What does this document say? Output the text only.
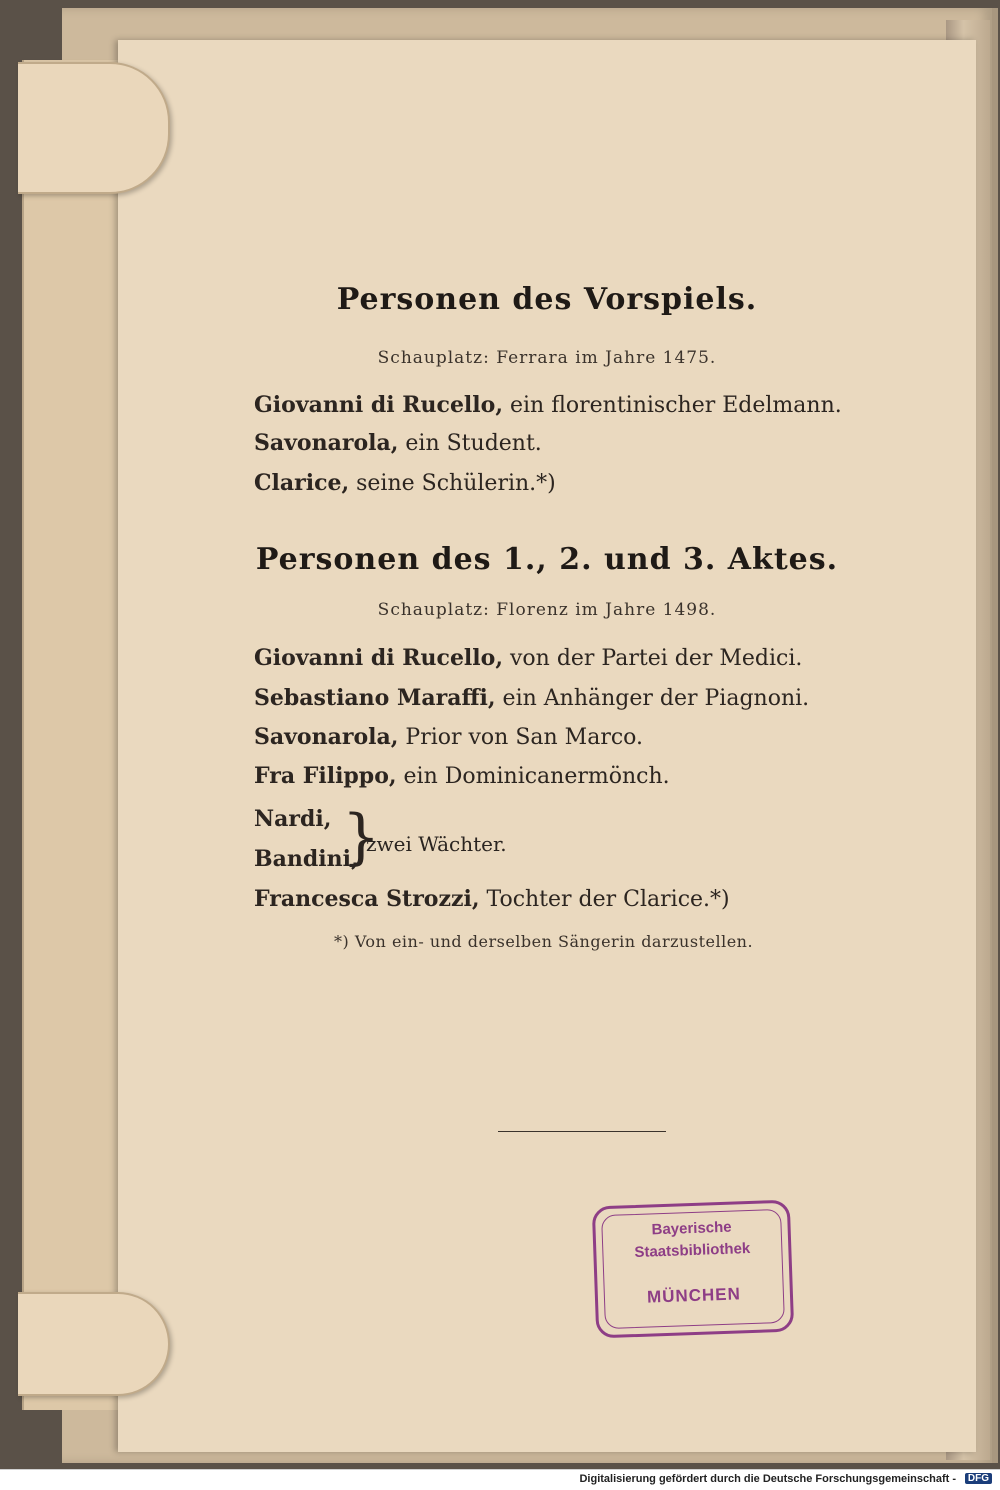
Personen des Vorspiels.
Schauplatz: Ferrara im Jahre 1475.
Giovanni di Rucello, ein florentinischer Edelmann.
Savonarola, ein Student.
Clarice, seine Schülerin.*)
Personen des 1., 2. und 3. Aktes.
Schauplatz: Florenz im Jahre 1498.
Giovanni di Rucello, von der Partei der Medici.
Sebastiano Maraffi, ein Anhänger der Piagnoni.
Savonarola, Prior von San Marco.
Fra Filippo, ein Dominicanermönch.
Nardi,
Bandini,
}
zwei Wächter.
Francesca Strozzi, Tochter der Clarice.*)
*) Von ein- und derselben Sängerin darzustellen.
Bayerische
Staatsbibliothek
MÜNCHEN
Digitalisierung gefördert durch die Deutsche Forschungsgemeinschaft -	DFG
